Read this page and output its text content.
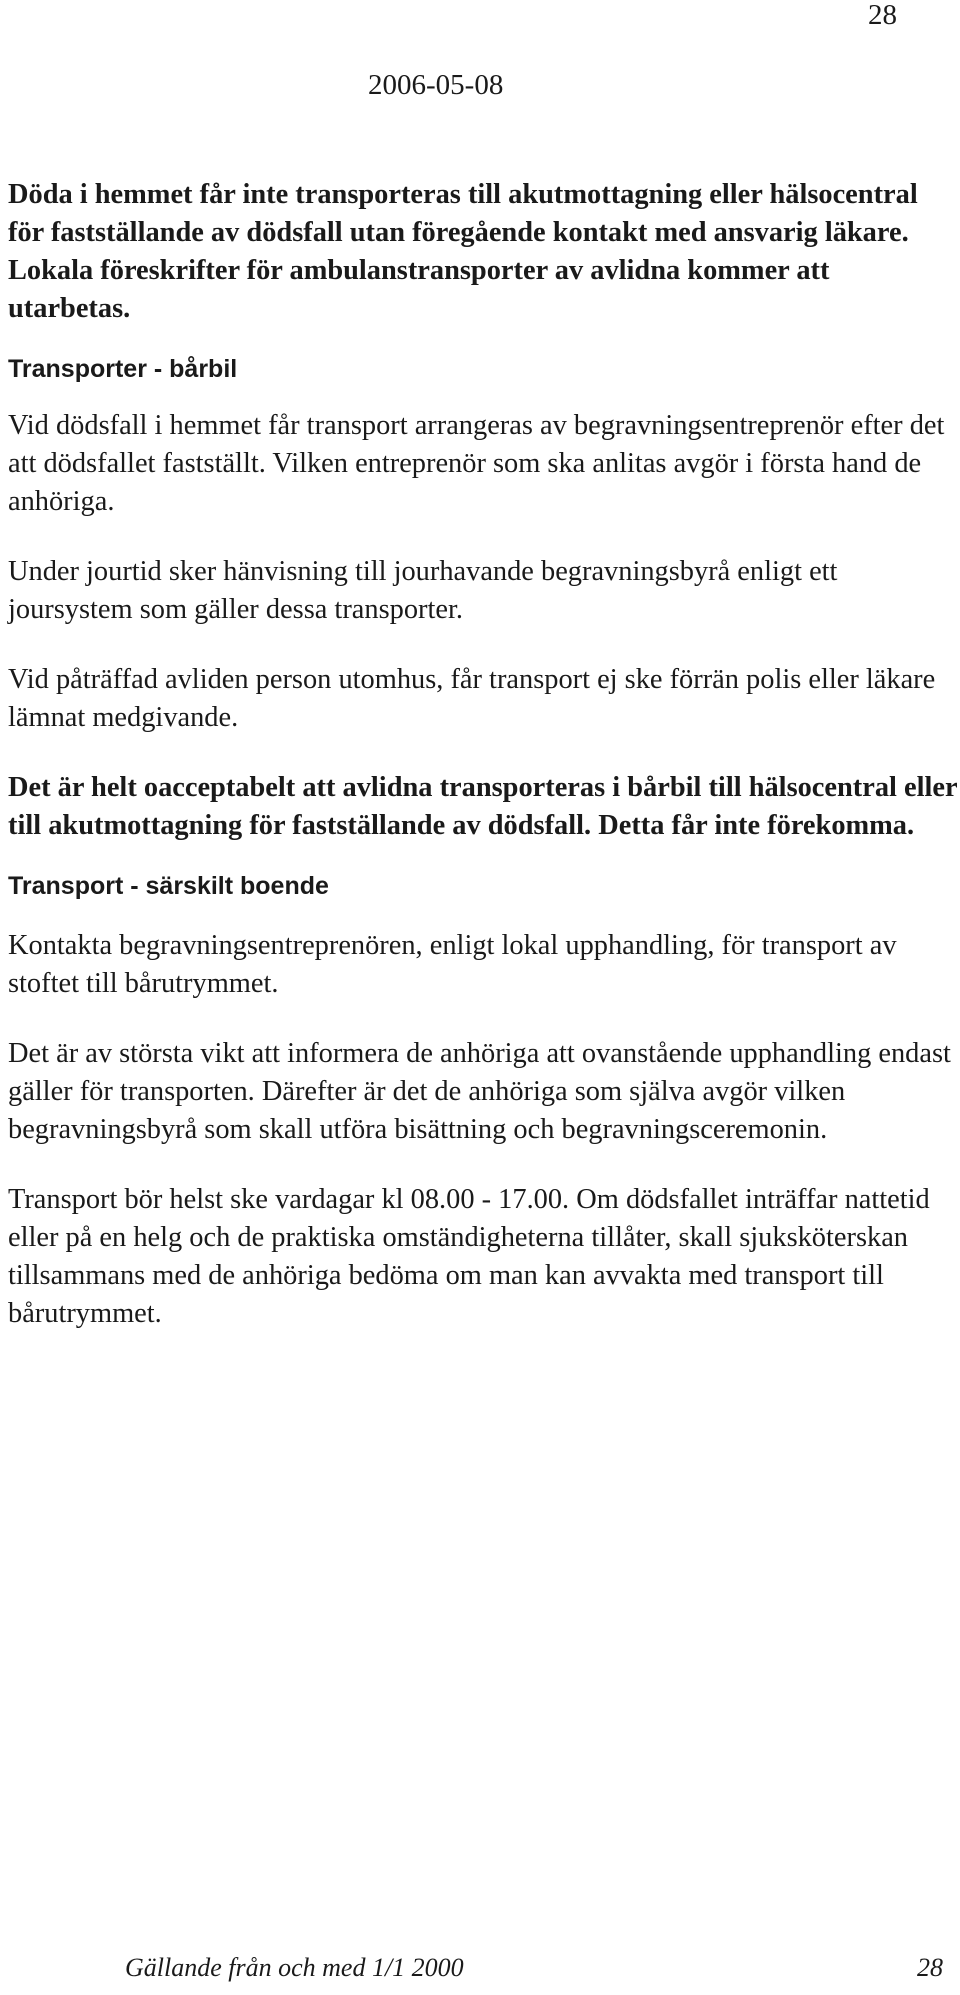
28
2006-05-08

Döda i hemmet får inte transporteras till akutmottagning eller hälsocentral för fastställande av dödsfall utan föregående kontakt med ansvarig läkare. Lokala föreskrifter för ambulanstransporter av avlidna kommer att utarbetas.

Transporter - bårbil

Vid dödsfall i hemmet får transport arrangeras av begravningsentreprenör efter det att dödsfallet fastställt. Vilken entreprenör som ska anlitas avgör i första hand de anhöriga.

Under jourtid sker hänvisning till jourhavande begravningsbyrå enligt ett joursystem som gäller dessa transporter.

Vid påträffad avliden person utomhus, får transport ej ske förrän polis eller läkare lämnat medgivande.

Det är helt oacceptabelt att avlidna transporteras i bårbil till hälsocentral eller till akutmottagning för fastställande av dödsfall. Detta får inte förekomma.

Transport - särskilt boende

Kontakta begravningsentreprenören, enligt lokal upphandling, för transport av stoftet till bårutrymmet.

Det är av största vikt att informera de anhöriga att ovanstående upphandling endast gäller för transporten. Därefter är det de anhöriga som själva avgör vilken begravningsbyrå som skall utföra bisättning och begravningsceremonin.

Transport bör helst ske vardagar kl 08.00 - 17.00. Om dödsfallet inträffar nattetid eller på en helg och de praktiska omständigheterna tillåter, skall sjuksköterskan tillsammans med de anhöriga bedöma om man kan avvakta med transport till bårutrymmet.

Gällande från och med 1/1 2000	28
